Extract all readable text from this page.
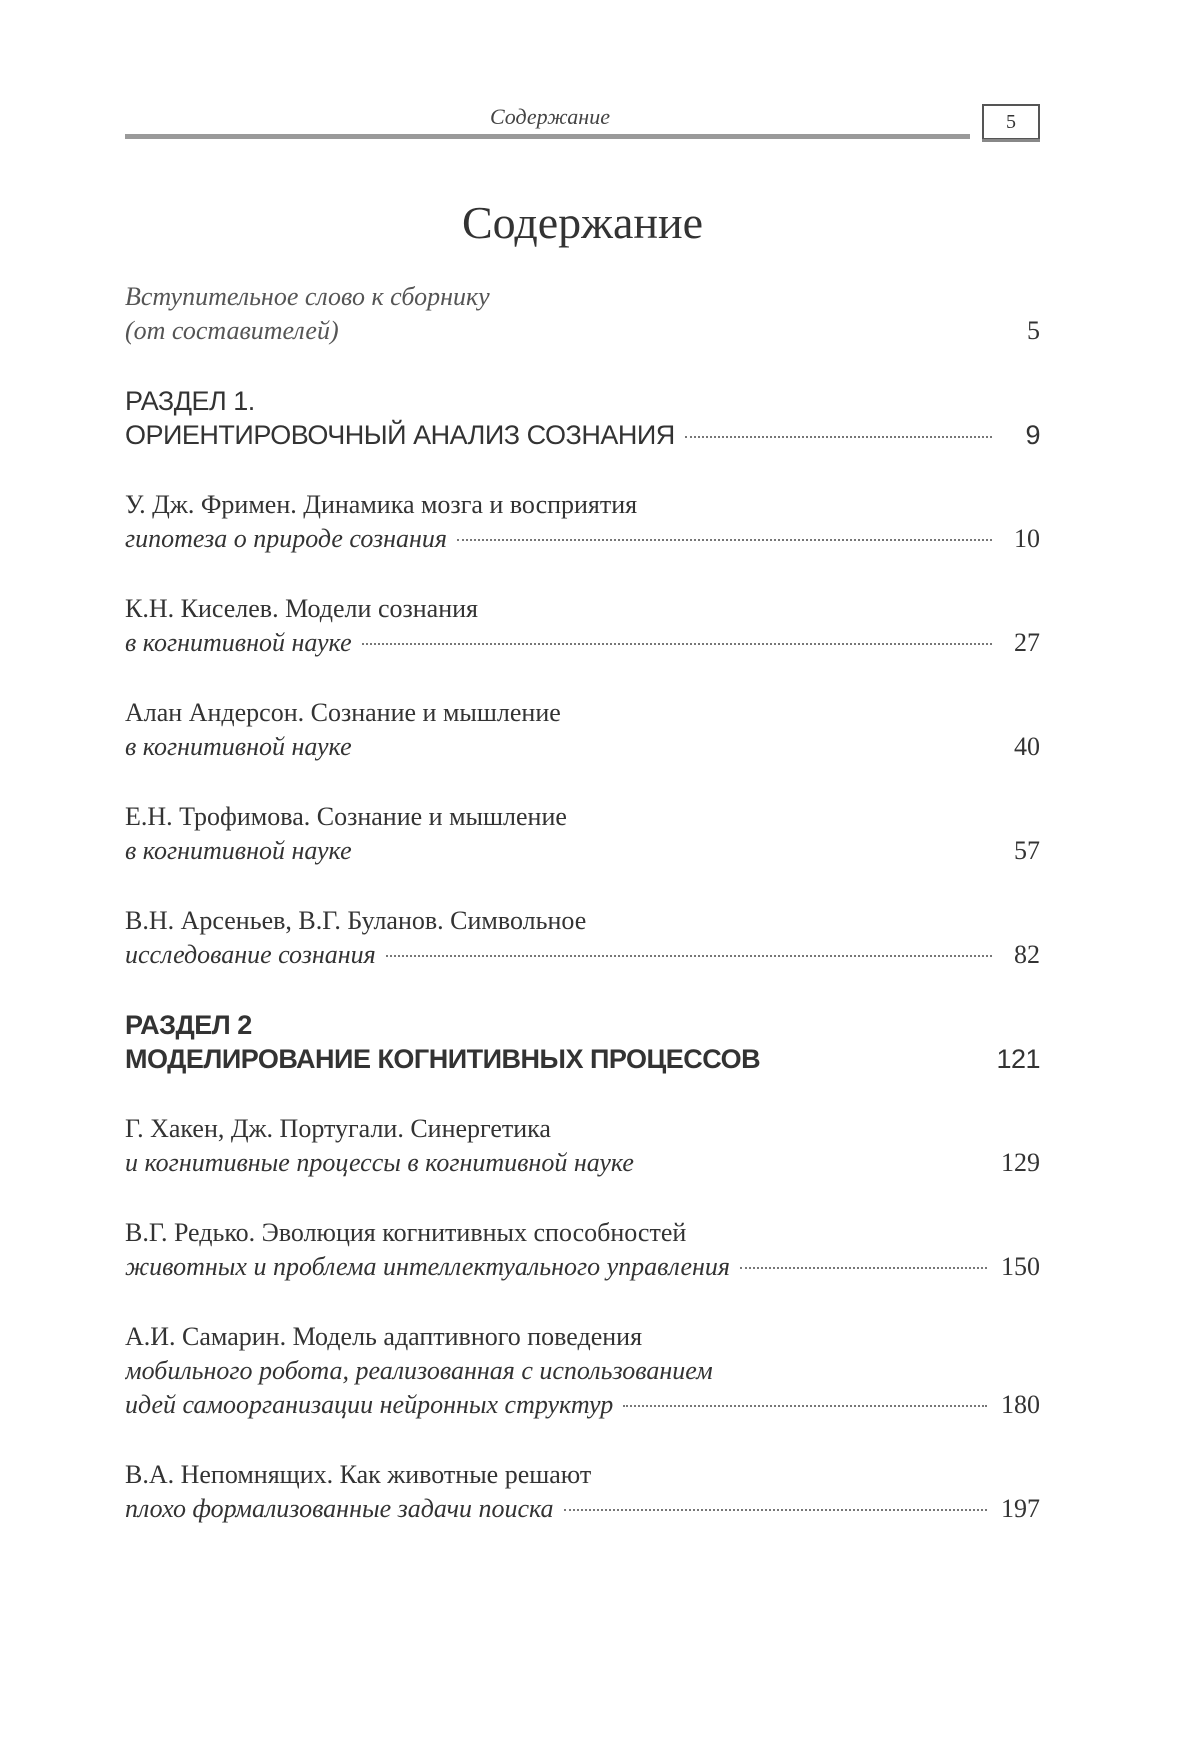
Содержание	5
Содержание
Вступительное слово к сборнику
(от составителей)	5
РАЗДЕЛ 1.
ОРИЕНТИРОВОЧНЫЙ АНАЛИЗ СОЗНАНИЯ	9
У. Дж. Фримен. Динамика мозга и восприятия
гипотеза о природе сознания	10
К.Н. Киселев. Модели сознания
в когнитивной науке	27
Алан Андерсон. Сознание и мышление
в когнитивной науке	40
Е.Н. Трофимова. Сознание и мышление
в когнитивной науке	57
В.Н. Арсеньев, В.Г. Буланов. Символьное
исследование сознания	82
РАЗДЕЛ 2
МОДЕЛИРОВАНИЕ КОГНИТИВНЫХ ПРОЦЕССОВ	121
Г. Хакен, Дж. Португали. Синергетика
и когнитивные процессы в когнитивной науке	129
В.Г. Редько. Эволюция когнитивных способностей
животных и проблема интеллектуального управления	150
А.И. Самарин. Модель адаптивного поведения
мобильного робота, реализованная с использованием
идей самоорганизации нейронных структур	180
В.А. Непомнящих. Как животные решают
плохо формализованные задачи поиска	197
